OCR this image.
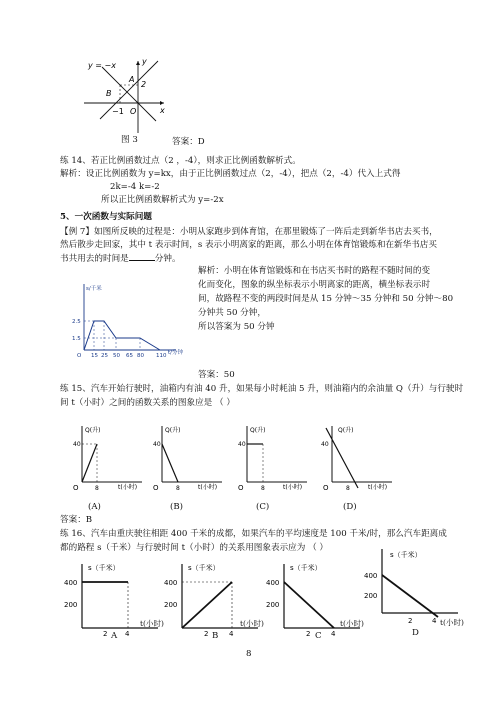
y = −x	y
x
A
2
B
−1 O
图 3	答案：D
练 14、若正比例函数过点（2 ，-4），则求正比例函数解析式。
解析：设正比例函数为 y=kx，由于正比例函数过点（2，-4），把点（2，-4）代入上式得
2k=-4 k=-2
所以正比例函数解析式为 y=-2x
5、一次函数与实际问题
【例 7】如图所反映的过程是：小明从家跑步到体育馆，在那里锻炼了一阵后走到新华书店去买书，
然后散步走回家，其中 t 表示时间，s 表示小明离家的距离，那么小明在体育馆锻炼和在新华书店买
书共用去的时间是	分钟。
s/千米
2.5
1.5
O 15 25 50 65 80 110 t/分钟
解析：小明在体育馆锻炼和在书店买书时的路程不随时间的变
化而变化，图象的纵坐标表示小明离家的距离，横坐标表示时
间，故路程不变的两段时间是从 15 分钟～35 分钟和 50 分钟～80
分钟共 50 分钟，
所以答案为 50 分钟
答案：50
练 15、汽车开始行驶时，油箱内有油 40 升，如果每小时耗油 5 升，则油箱内的余油量 Q（升）与行驶时
间 t（小时）之间的函数关系的图象应是 （ ）
Q(升)
40
O	8	t(小时)
Q(升)
40
O	8	t(小时)
Q(升)
40
O	8	t(小时)
Q(升)
40
O	8	t(小时)
(A)	(B)	(C)	(D)
答案：B
练 16、汽车由重庆驶往相距 400 千米的成都，如果汽车的平均速度是 100 千米/时，那么汽车距离成
都的路程 s（千米）与行驶时间 t（小时）的关系用图象表示应为 （ ）
s（千米）
400
200
2	4
t(小时)
s（千米）
400
200
2	4
t(小时)
s（千米）
400
200
2	4
t(小时)
s（千米）
400
200
2	4 t(小时)
A	B	C	D
8
